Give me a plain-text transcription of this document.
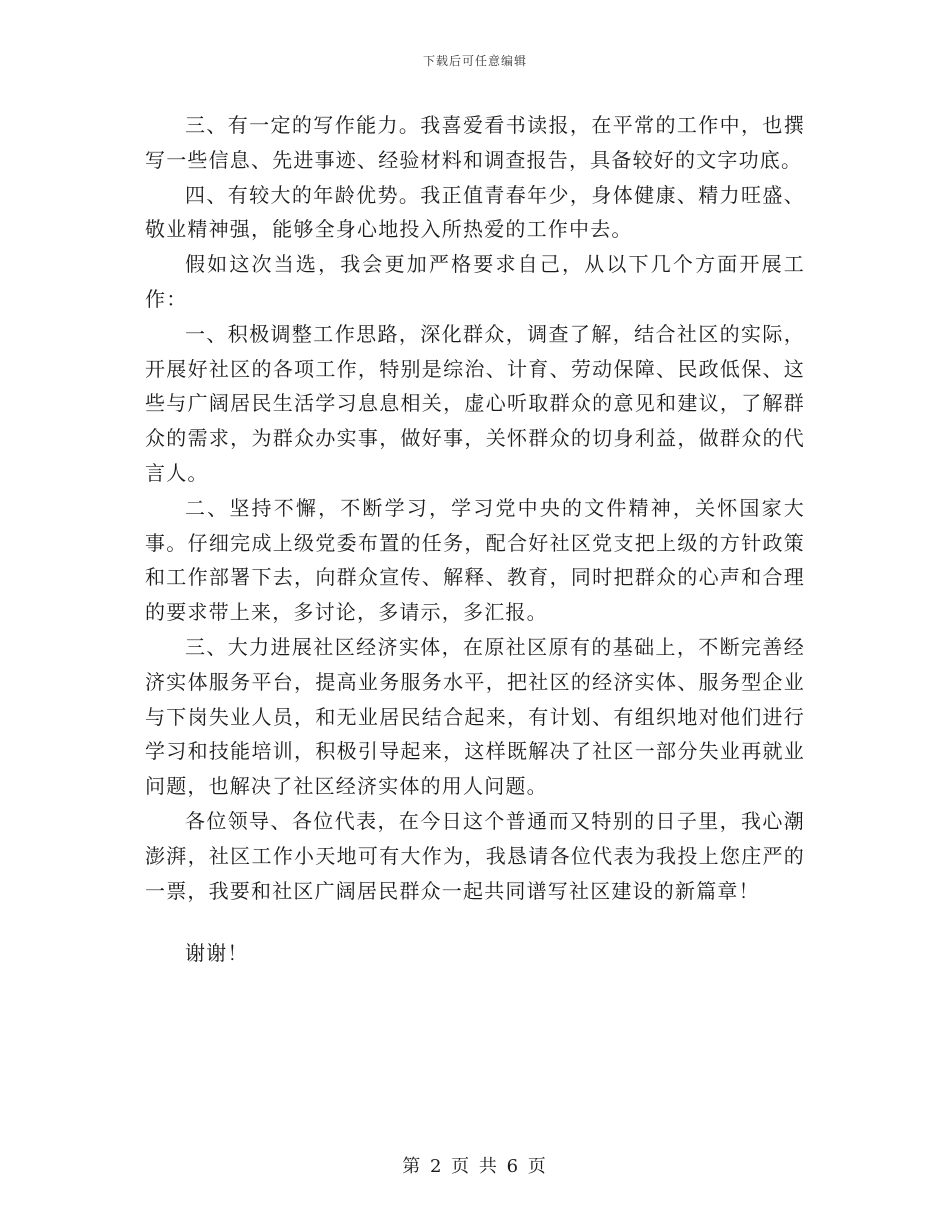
下载后可任意编辑

三、有一定的写作能力。我喜爱看书读报，在平常的工作中，也撰写一些信息、先进事迹、经验材料和调查报告，具备较好的文字功底。

四、有较大的年龄优势。我正值青春年少，身体健康、精力旺盛、敬业精神强，能够全身心地投入所热爱的工作中去。

假如这次当选，我会更加严格要求自己，从以下几个方面开展工作：

一、积极调整工作思路，深化群众，调查了解，结合社区的实际，开展好社区的各项工作，特别是综治、计育、劳动保障、民政低保、这些与广阔居民生活学习息息相关，虚心听取群众的意见和建议，了解群众的需求，为群众办实事，做好事，关怀群众的切身利益，做群众的代言人。

二、坚持不懈，不断学习，学习党中央的文件精神，关怀国家大事。仔细完成上级党委布置的任务，配合好社区党支把上级的方针政策和工作部署下去，向群众宣传、解释、教育，同时把群众的心声和合理的要求带上来，多讨论，多请示，多汇报。

三、大力进展社区经济实体，在原社区原有的基础上，不断完善经济实体服务平台，提高业务服务水平，把社区的经济实体、服务型企业与下岗失业人员，和无业居民结合起来，有计划、有组织地对他们进行学习和技能培训，积极引导起来，这样既解决了社区一部分失业再就业问题，也解决了社区经济实体的用人问题。

各位领导、各位代表，在今日这个普通而又特别的日子里，我心潮澎湃，社区工作小天地可有大作为，我恳请各位代表为我投上您庄严的一票，我要和社区广阔居民群众一起共同谱写社区建设的新篇章！

谢谢！

第 2 页 共 6 页
